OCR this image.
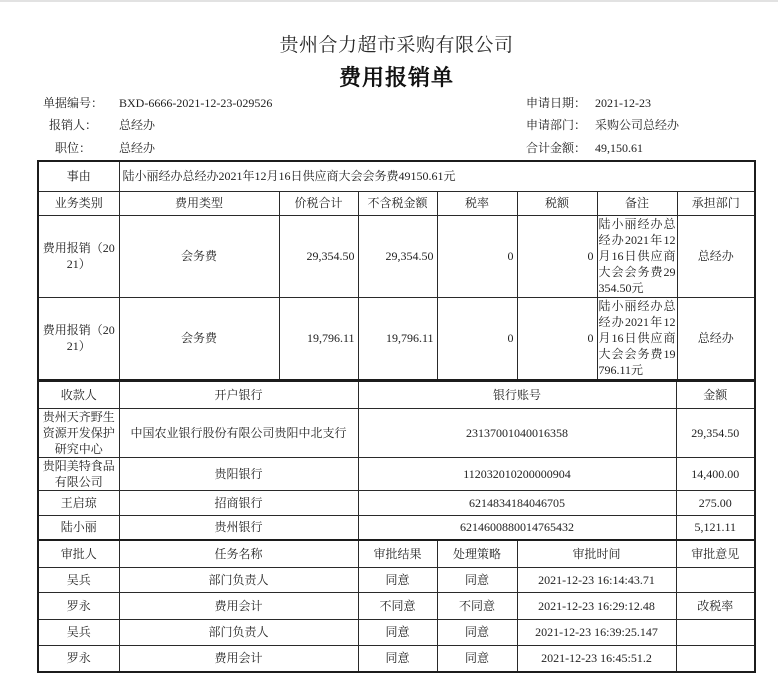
贵州合力超市采购有限公司
费用报销单
单据编号：	BXD-6666-2021-12-23-029526
报销人：	总经办
职位：	总经办
申请日期： 2021-12-23
申请部门： 采购公司总经办
合计金额： 49,150.61
事由	陆小丽经办总经办2021年12月16日供应商大会会务费49150.61元						
业务类别	费用类型	价税合计	不含税金额	税率	税额	备注	承担部门
费用报销（2021）	会务费	29,354.50	29,354.50	0	0	陆小丽经办总经办2021年12月16日供应商大会会务费29354.50元	总经办
费用报销（2021）	会务费	19,796.11	19,796.11	0	0	陆小丽经办总经办2021年12月16日供应商大会会务费19796.11元	总经办
收款人	开户银行	银行账号	金额
贵州天齐野生资源开发保护研究中心	中国农业银行股份有限公司贵阳中北支行	23137001040016358	29,354.50
贵阳美特食品有限公司	贵阳银行	112032010200000904	14,400.00
王启琼	招商银行	6214834184046705	275.00
陆小丽	贵州银行	6214600880014765432	5,121.11
审批人	任务名称	审批结果	处理策略	审批时间	审批意见
吴兵	部门负责人	同意	同意	2021-12-23 16:14:43.71	
罗永	费用会计	不同意	不同意	2021-12-23 16:29:12.48	改税率
吴兵	部门负责人	同意	同意	2021-12-23 16:39:25.147	
罗永	费用会计	同意	同意	2021-12-23 16:45:51.2	
